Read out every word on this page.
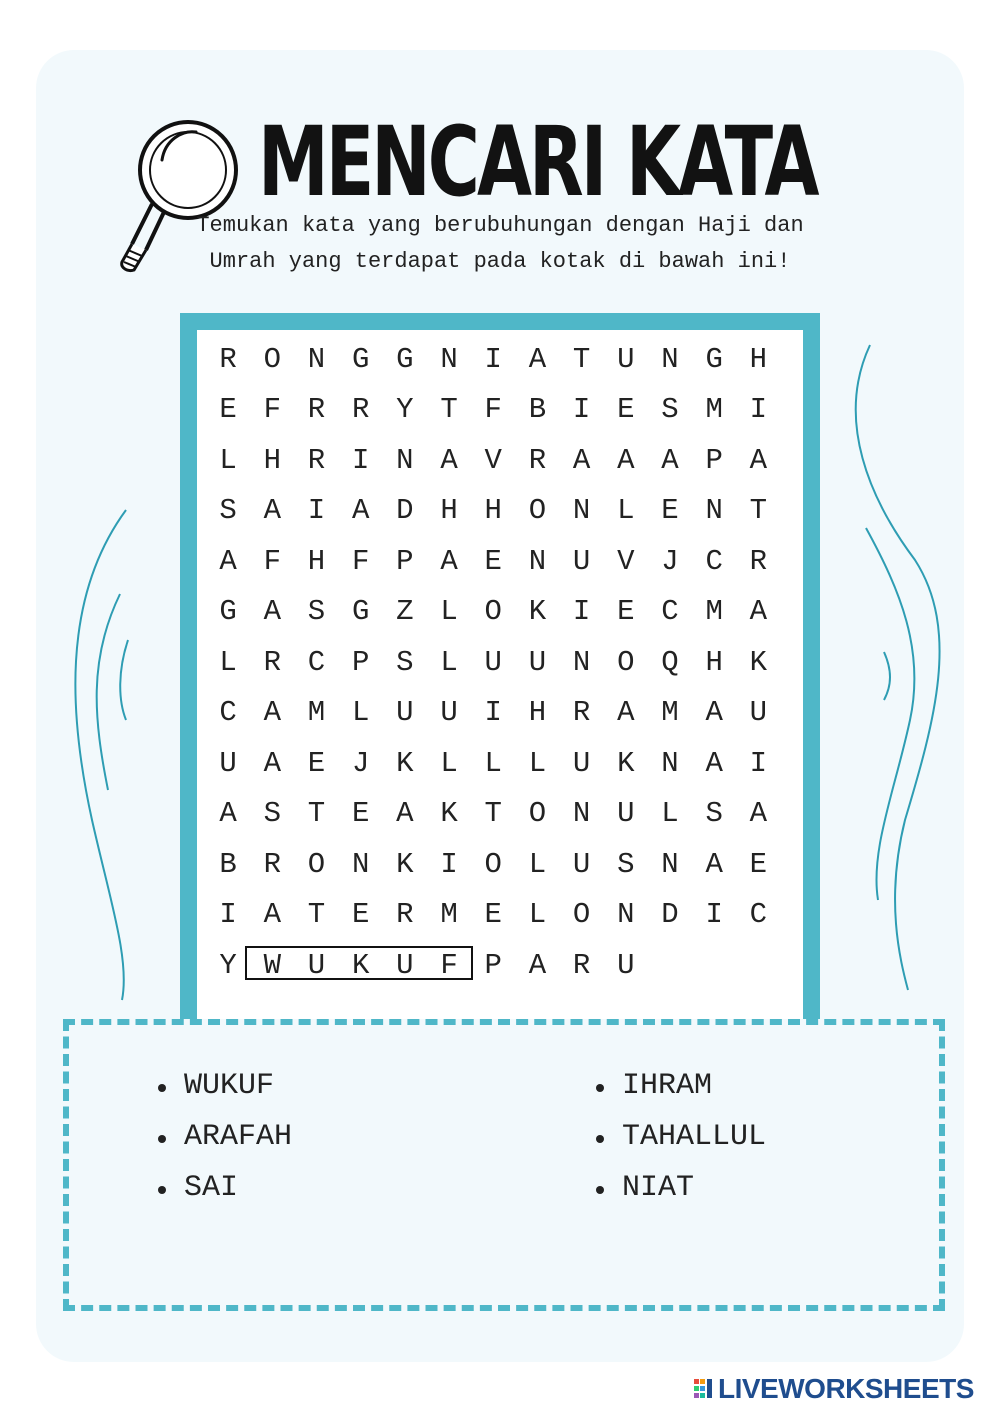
MENCARI KATA
Temukan kata yang berubuhungan dengan Haji dan Umrah yang terdapat pada kotak di bawah ini!
R O N G G N I A T U N G H
E F R R Y T F B I E S M I
L H R I N A V R A A A P A
S A I A D H H O N L E N T
A F H F P A E N U V J C R
G A S G Z L O K I E C M A
L R C P S L U U N O Q H K
C A M L U U I H R A M A U
U A E J K L L L U K N A I
A S T E A K T O N U L S A
B R O N K I O L U S N A E
I A T E R M E L O N D I C
Y W U K U F P A R U
WUKUF
ARAFAH
SAI
IHRAM
TAHALLUL
NIAT
LIVEWORKSHEETS
